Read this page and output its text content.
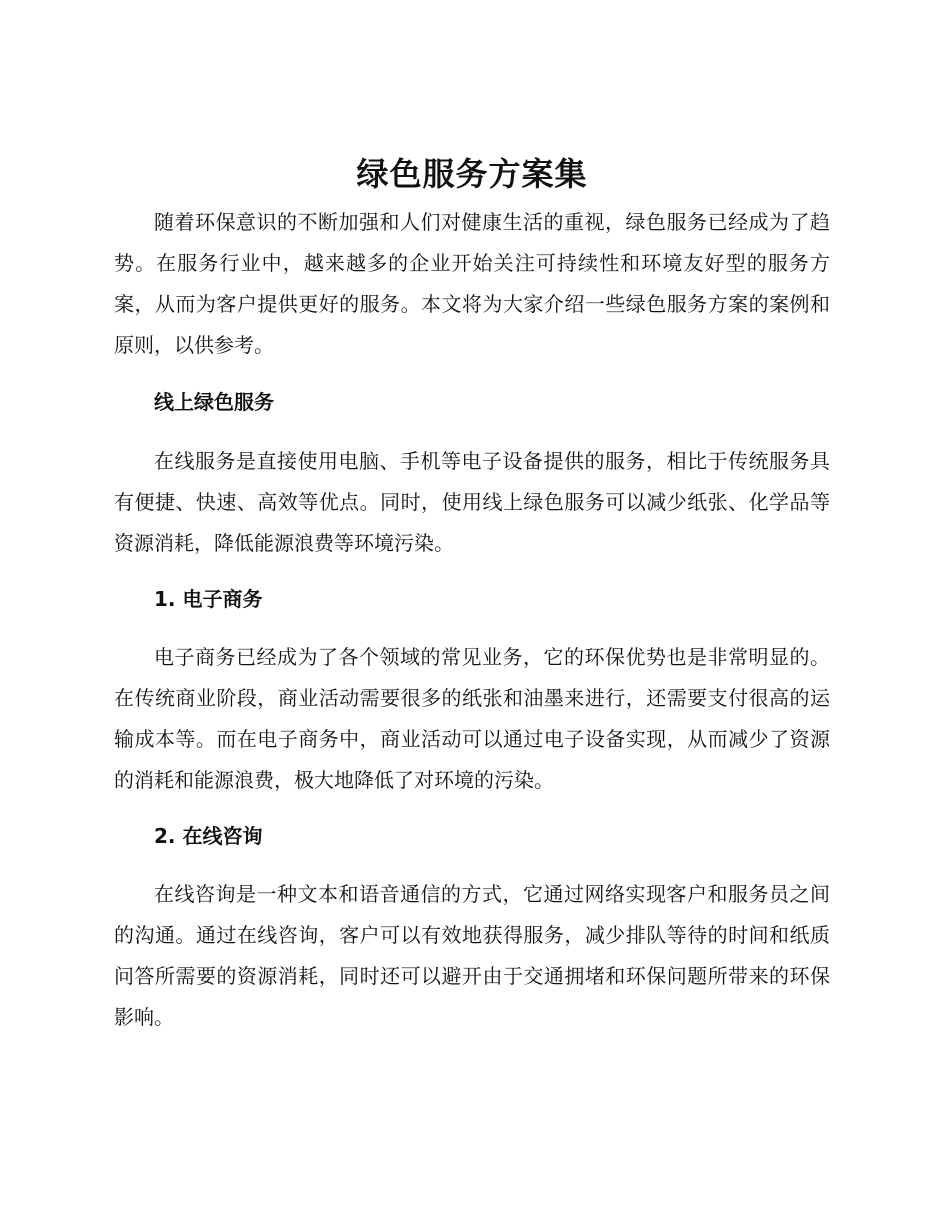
绿色服务方案集

随着环保意识的不断加强和人们对健康生活的重视，绿色服务已经成为了趋势。在服务行业中，越来越多的企业开始关注可持续性和环境友好型的服务方案，从而为客户提供更好的服务。本文将为大家介绍一些绿色服务方案的案例和原则，以供参考。

线上绿色服务

在线服务是直接使用电脑、手机等电子设备提供的服务，相比于传统服务具有便捷、快速、高效等优点。同时，使用线上绿色服务可以减少纸张、化学品等资源消耗，降低能源浪费等环境污染。

1. 电子商务

电子商务已经成为了各个领域的常见业务，它的环保优势也是非常明显的。在传统商业阶段，商业活动需要很多的纸张和油墨来进行，还需要支付很高的运输成本等。而在电子商务中，商业活动可以通过电子设备实现，从而减少了资源的消耗和能源浪费，极大地降低了对环境的污染。

2. 在线咨询

在线咨询是一种文本和语音通信的方式，它通过网络实现客户和服务员之间的沟通。通过在线咨询，客户可以有效地获得服务，减少排队等待的时间和纸质问答所需要的资源消耗，同时还可以避开由于交通拥堵和环保问题所带来的环保影响。
